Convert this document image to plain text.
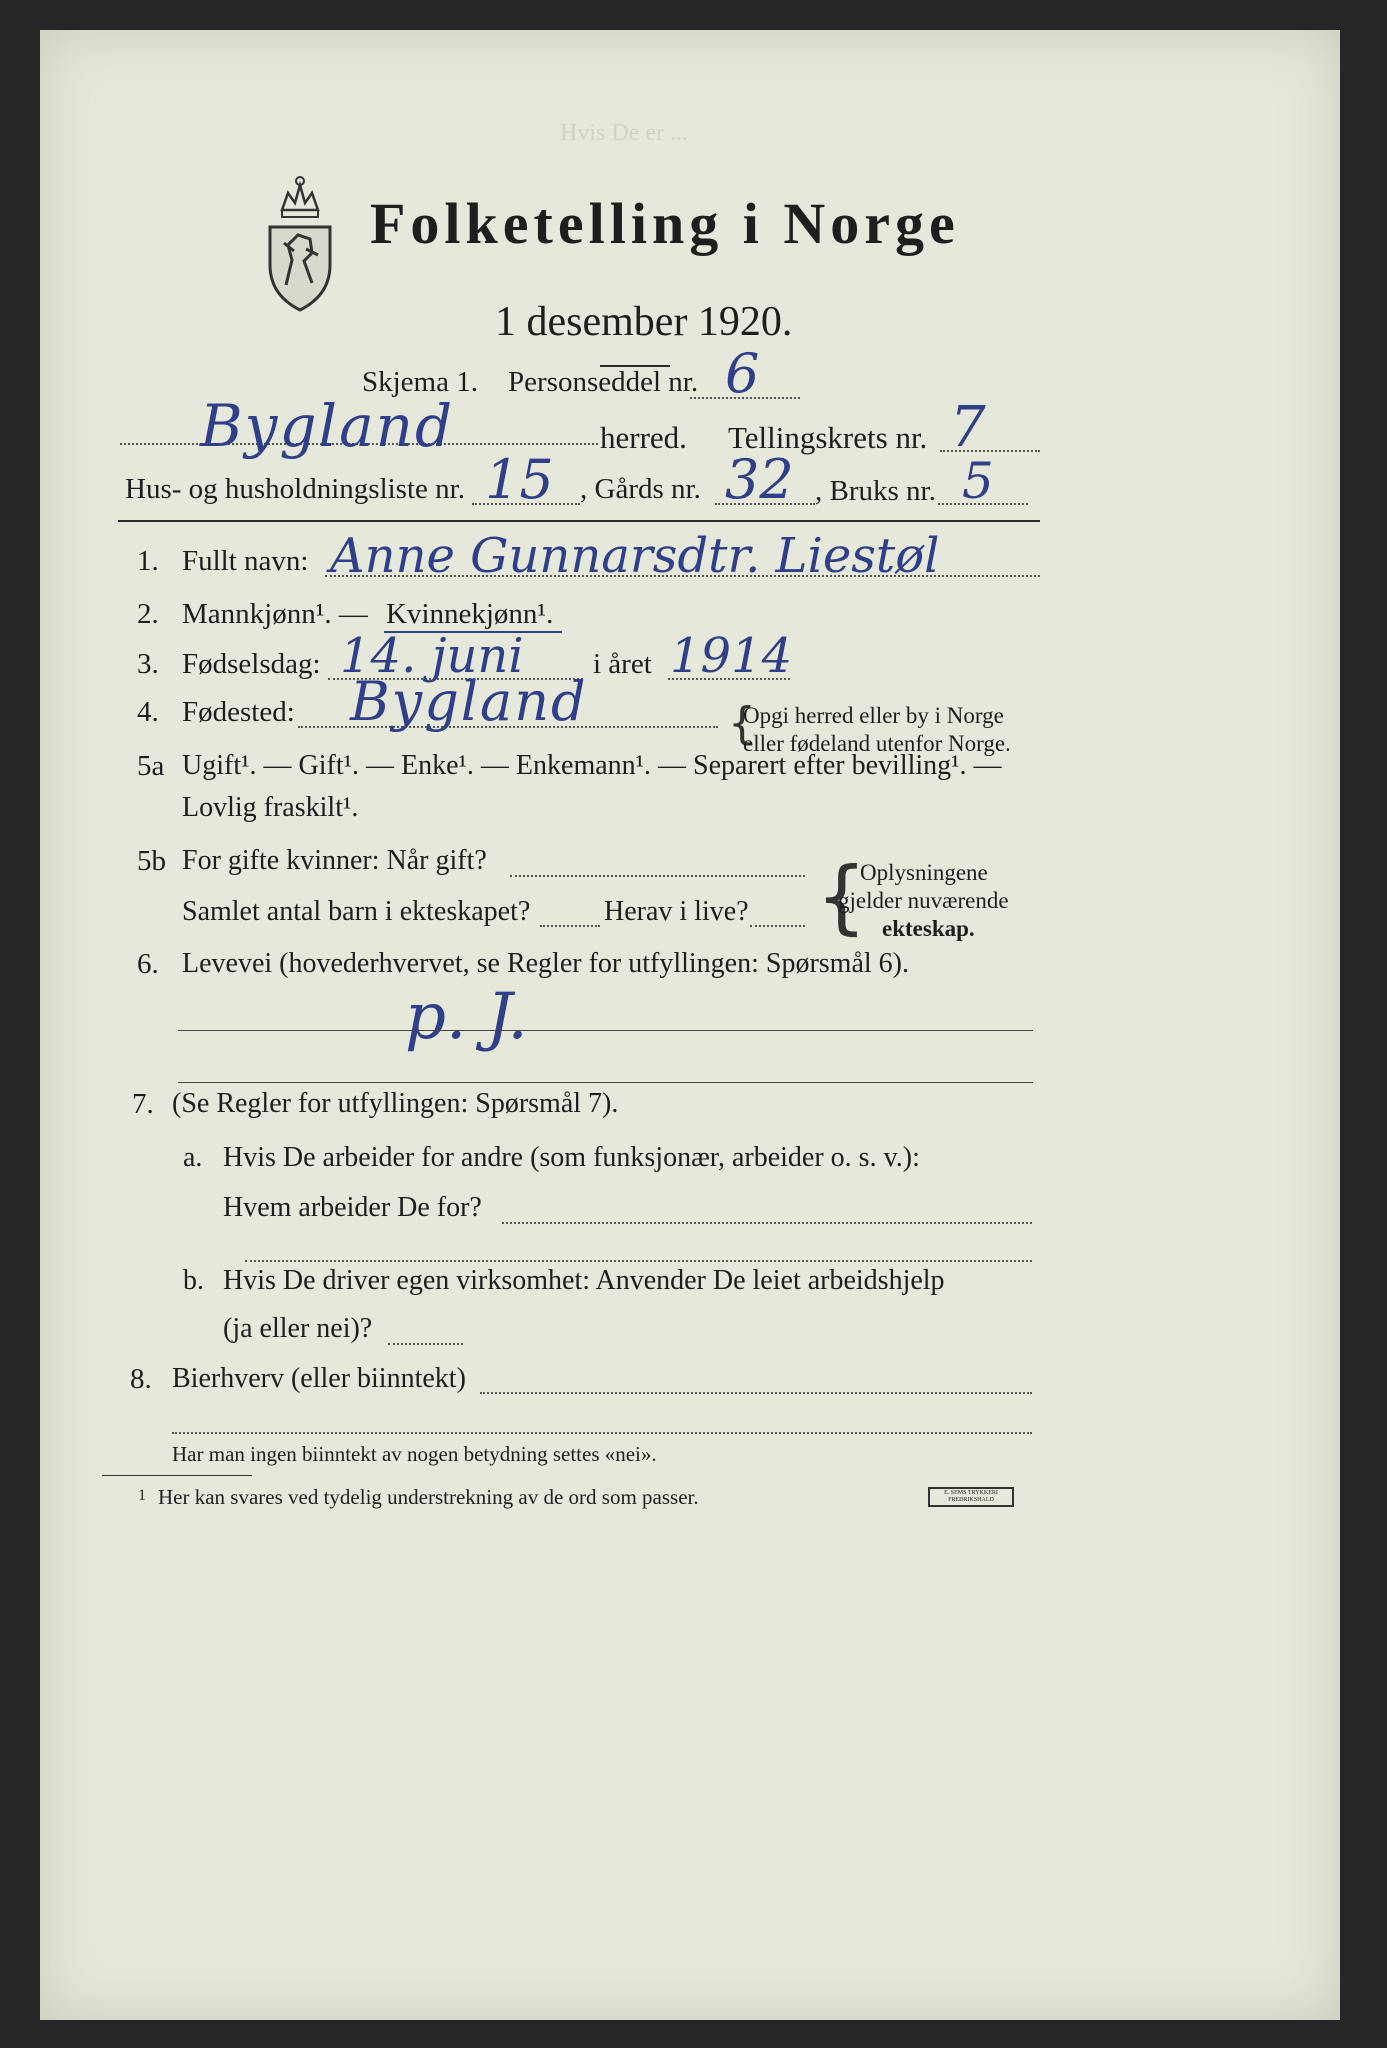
Hvis De er ...
Folketelling i Norge
1 desember 1920.
Skjema 1. Personseddel nr. 6
Bygland	herred. Tellingskrets nr. 7
Hus- og husholdningsliste nr. 15 , Gårds nr. 32 , Bruks nr. 5
1. Fullt navn: Anne Gunnarsdtr. Liestøl
2. Mannkjønn¹. — Kvinnekjønn¹.
3. Fødselsdag: 14. juni i året 1914
4. Fødested: Bygland	{
Opgi herred eller by i Norge
eller fødeland utenfor Norge.
5a Ugift¹. — Gift¹. — Enke¹. — Enkemann¹. — Separert efter bevilling¹. —
Lovlig fraskilt¹.
5b For gifte kvinner: Når gift?
Samlet antal barn i ekteskapet?	Herav i live? {
Oplysningene
gjelder nuværende
ekteskap.
6. Levevei (hovederhvervet, se Regler for utfyllingen: Spørsmål 6).
p. J.
7. (Se Regler for utfyllingen: Spørsmål 7).
a. Hvis De arbeider for andre (som funksjonær, arbeider o. s. v.):
Hvem arbeider De for?
b. Hvis De driver egen virksomhet: Anvender De leiet arbeidshjelp
(ja eller nei)?
8. Bierhverv (eller biinntekt)
Har man ingen biinntekt av nogen betydning settes «nei».
1 Her kan svares ved tydelig understrekning av de ord som passer.	E. SEMS TRYKKERI FREDRIKSHALD
